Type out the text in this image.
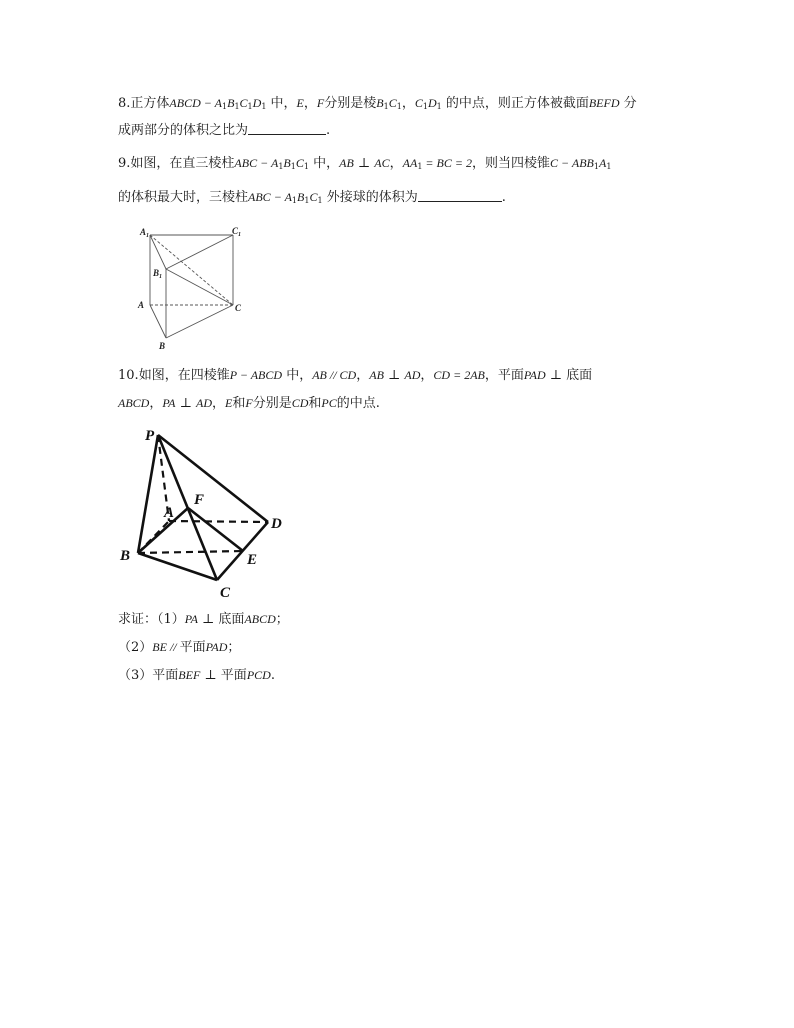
8.正方体ABCD − $A_1B_1C_1D_1$ 中，E，F分别是棱$B_1C_1$，$C_1D_1$ 的中点，则正方体被截面BEFD 分
成两部分的体积之比为	.
9.如图，在直三棱柱ABC − $A_1B_1C_1$ 中，AB ⊥ AC，$AA_1$ = BC = 2，则当四棱锥$C - ABB_1A_1$
的体积最大时，三棱柱ABC − $A_1B_1C_1$ 外接球的体积为	.
$A_1$	$C_1$
$B_1$
A	C
B
10.如图，在四棱锥P − ABCD 中，AB // CD，AB ⊥ AD，CD = 2AB，平面PAD ⊥ 底面
ABCD，PA ⊥ AD，E和F分别是CD和PC的中点.
P
F
A
D
B	E
C
求证：（1）PA ⊥ 底面ABCD；
（2）BE // 平面PAD；
（3）平面BEF ⊥ 平面PCD.
